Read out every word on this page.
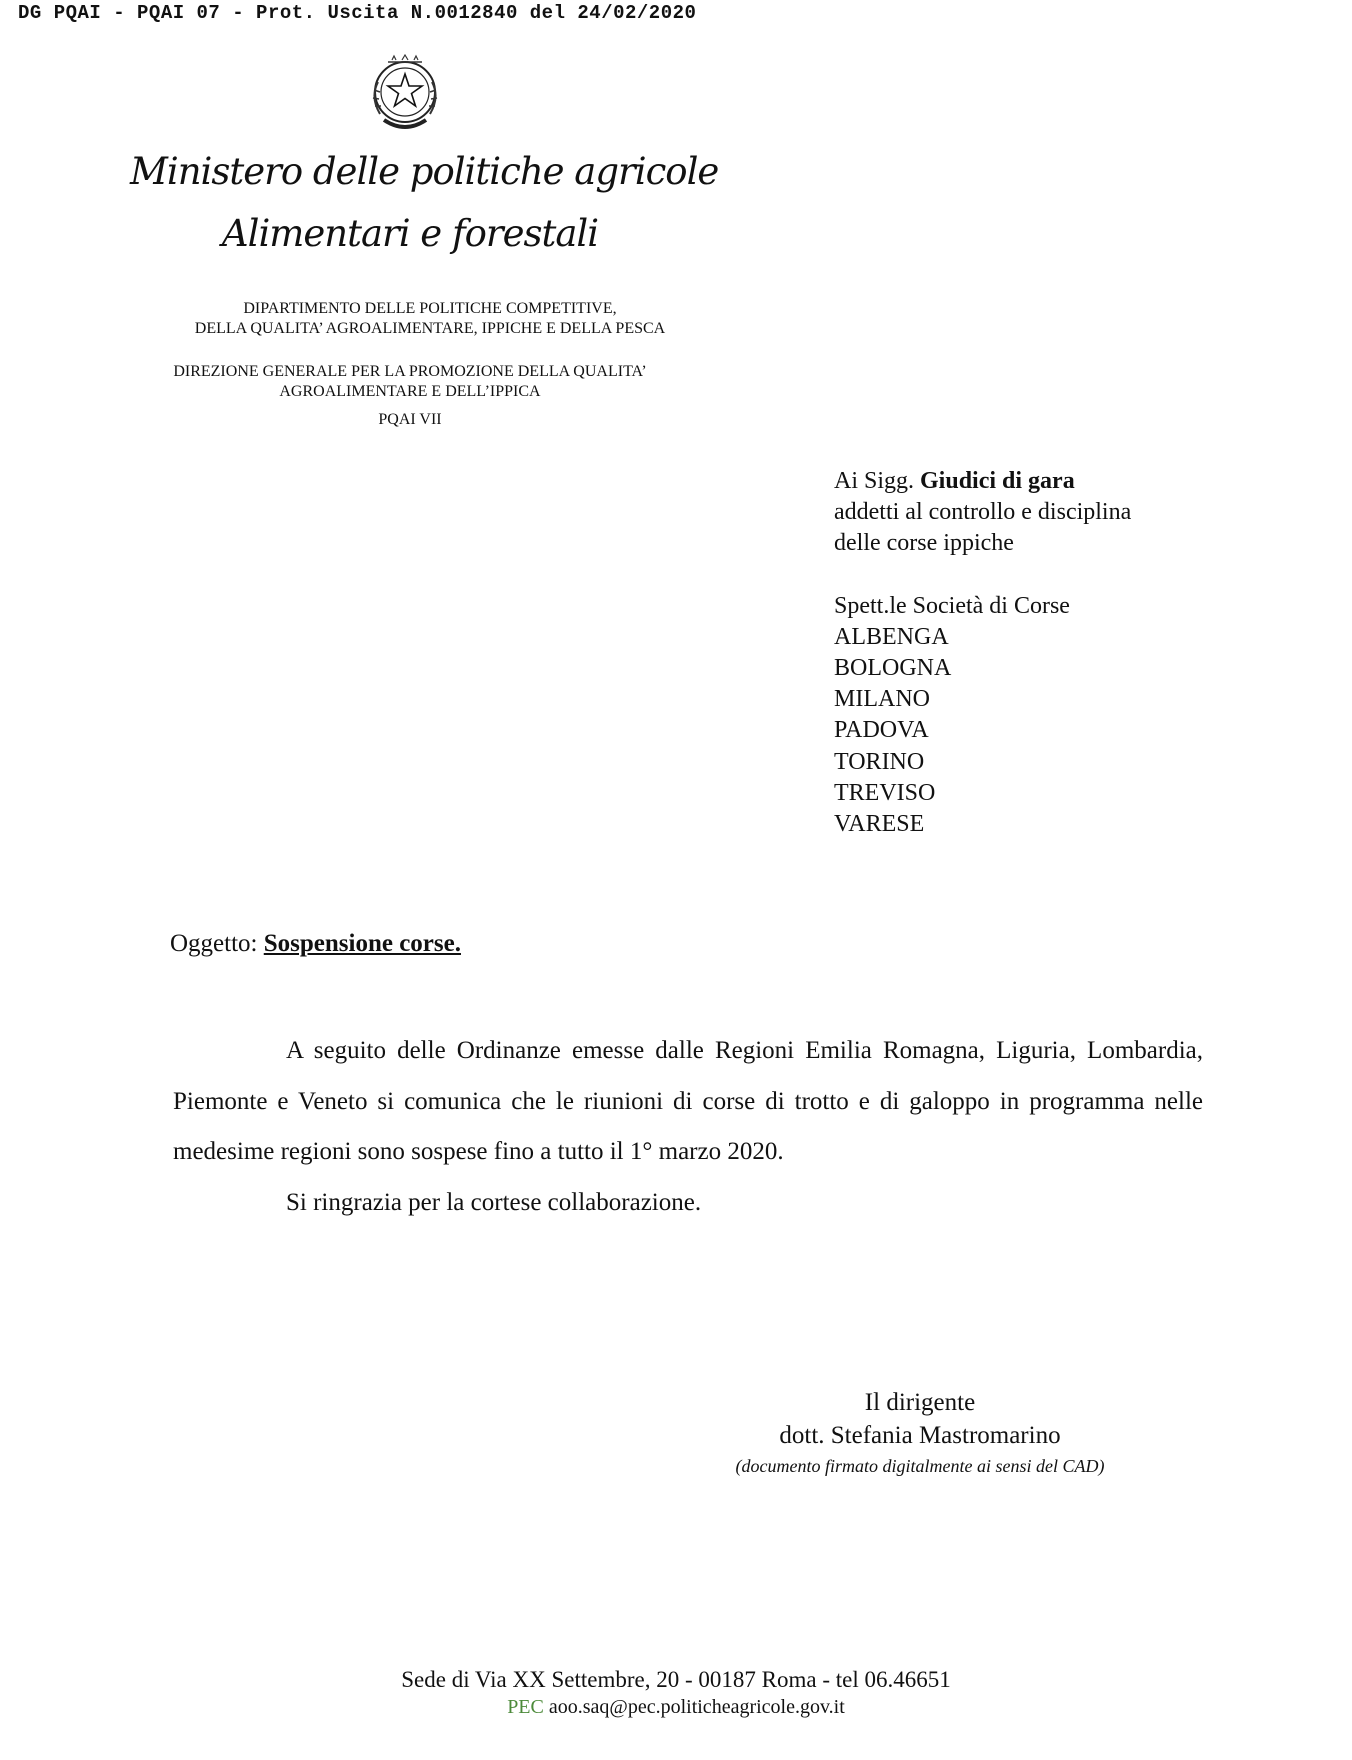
DG PQAI - PQAI 07 - Prot. Uscita N.0012840 del 24/02/2020
Ministero delle politiche agricole
Alimentari e forestali
DIPARTIMENTO DELLE POLITICHE COMPETITIVE,
DELLA QUALITA’ AGROALIMENTARE, IPPICHE E DELLA PESCA
DIREZIONE GENERALE PER LA PROMOZIONE DELLA QUALITA’
AGROALIMENTARE E DELL’IPPICA
PQAI VII
Ai Sigg. Giudici di gara
addetti al controllo e disciplina
delle corse ippiche
Spett.le Società di Corse
ALBENGA
BOLOGNA
MILANO
PADOVA
TORINO
TREVISO
VARESE
Oggetto: Sospensione corse.

A seguito delle Ordinanze emesse dalle Regioni Emilia Romagna, Liguria, Lombardia, Piemonte e Veneto si comunica che le riunioni di corse di trotto e di galoppo in programma nelle medesime regioni sono sospese fino a tutto il 1° marzo 2020.

Si ringrazia per la cortese collaborazione.

Il dirigente
dott. Stefania Mastromarino
(documento firmato digitalmente ai sensi del CAD)
Sede di Via XX Settembre, 20 - 00187 Roma - tel 06.46651
PEC aoo.saq@pec.politicheagricole.gov.it
